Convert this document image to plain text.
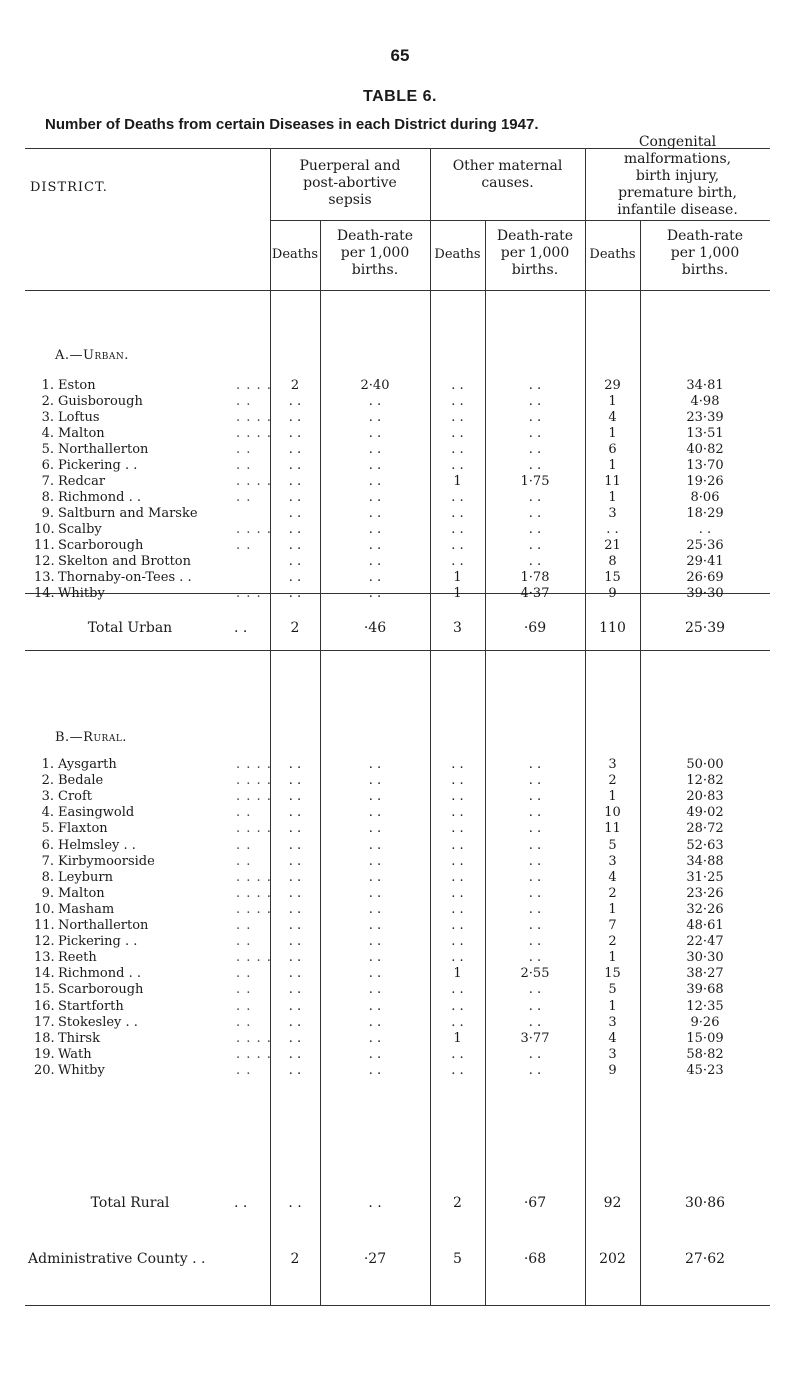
65
TABLE 6.
Number of Deaths from certain Diseases in each District during 1947.
DISTRICT.
Puerperal and
post-abortive
sepsis
Other maternal
causes.
Congenital
malformations,
birth injury,
premature birth,
infantile disease.
Deaths
Death-rate
per 1,000
births.
Deaths
Death-rate
per 1,000
births.
Deaths
Death-rate
per 1,000
births.
A.—Urban.
B.—Rural.
1. Eston	. . . .	2	2·40	. .	. .	29	34·81
2. Guisborough	. .	. .	. .	. .	. .	1	4·98
3. Loftus	. . . .	. .	. .	. .	. .	4	23·39
4. Malton	. . . .	. .	. .	. .	. .	1	13·51
5. Northallerton	. .	. .	. .	. .	. .	6	40·82
6. Pickering . .	. .	. .	. .	. .	. .	1	13·70
7. Redcar	. . . .	. .	. .	1	1·75	11	19·26
8. Richmond . .	. .	. .	. .	. .	. .	1	8·06
9. Saltburn and Marske	. .	. .	. .	. .	3	18·29
10. Scalby	. . . .	. .	. .	. .	. .	. .	. .
11. Scarborough	. .	. .	. .	. .	. .	21	25·36
12. Skelton and Brotton	. .	. .	. .	. .	8	29·41
13. Thornaby-on-Tees . .	. .	. .	1	1·78	15	26·69
14. Whitby	. . .	. .	. .	1	4·37	9	39·30
1. Aysgarth	. . . .	. .	. .	. .	. .	3	50·00
2. Bedale	. . . .	. .	. .	. .	. .	2	12·82
3. Croft	. . . .	. .	. .	. .	. .	1	20·83
4. Easingwold	. .	. .	. .	. .	. .	10	49·02
5. Flaxton	. . . .	. .	. .	. .	. .	11	28·72
6. Helmsley . .	. .	. .	. .	. .	. .	5	52·63
7. Kirbymoorside	. .	. .	. .	. .	. .	3	34·88
8. Leyburn	. . . .	. .	. .	. .	. .	4	31·25
9. Malton	. . . .	. .	. .	. .	. .	2	23·26
10. Masham	. . . .	. .	. .	. .	. .	1	32·26
11. Northallerton	. .	. .	. .	. .	. .	7	48·61
12. Pickering . .	. .	. .	. .	. .	. .	2	22·47
13. Reeth	. . . .	. .	. .	. .	. .	1	30·30
14. Richmond . .	. .	. .	. .	1	2·55	15	38·27
15. Scarborough	. .	. .	. .	. .	. .	5	39·68
16. Startforth	. .	. .	. .	. .	. .	1	12·35
17. Stokesley . .	. .	. .	. .	. .	. .	3	9·26
18. Thirsk	. . . .	. .	. .	1	3·77	4	15·09
19. Wath	. . . .	. .	. .	. .	. .	3	58·82
20. Whitby	. .	. .	. .	. .	. .	9	45·23
Total Urban	. .	2	·46	3	·69	110	25·39
Total Rural	. .	. .	. .	2	·67	92	30·86
Administrative County . .	2	·27	5	·68	202	27·62
